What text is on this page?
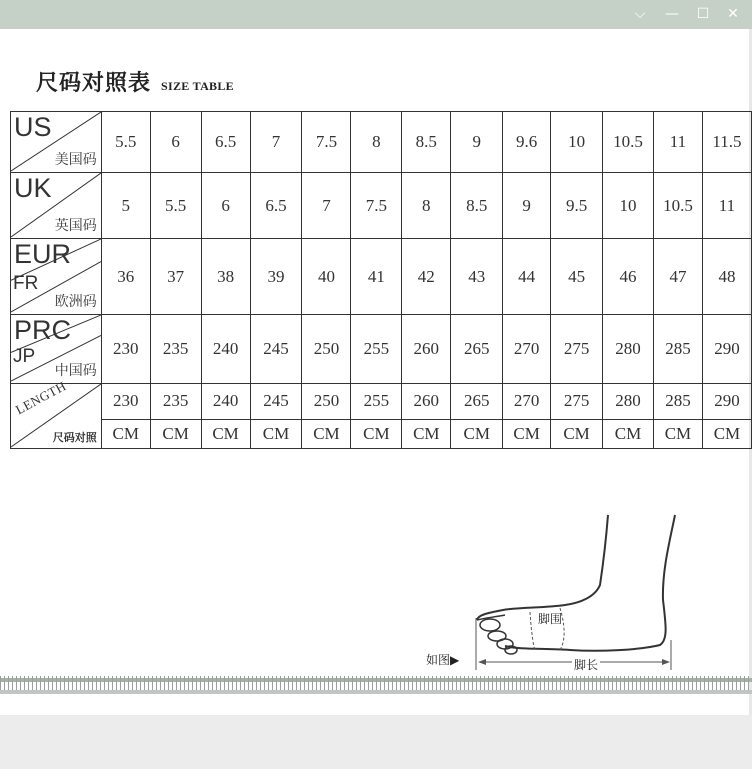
⌵ — ☐ ✕
尺码对照表 SIZE TABLE
US
美国码	5.5	6	6.5	7	7.5	8	8.5	9	9.6	10	10.5	11	11.5

UK
英国码	5	5.5	6	6.5	7	7.5	8	8.5	9	9.5	10	10.5	11

EUR
FR
欧洲码	36	37	38	39	40	41	42	43	44	45	46	47	48

PRC
JP
中国码	230	235	240	245	250	255	260	265	270	275	280	285	290

LENGTH
尺码对照	230	235	240	245	250	255	260	265	270	275	280	285	290
	CM	CM	CM	CM	CM	CM	CM	CM	CM	CM	CM	CM	CM
脚围
脚长
如图▶
